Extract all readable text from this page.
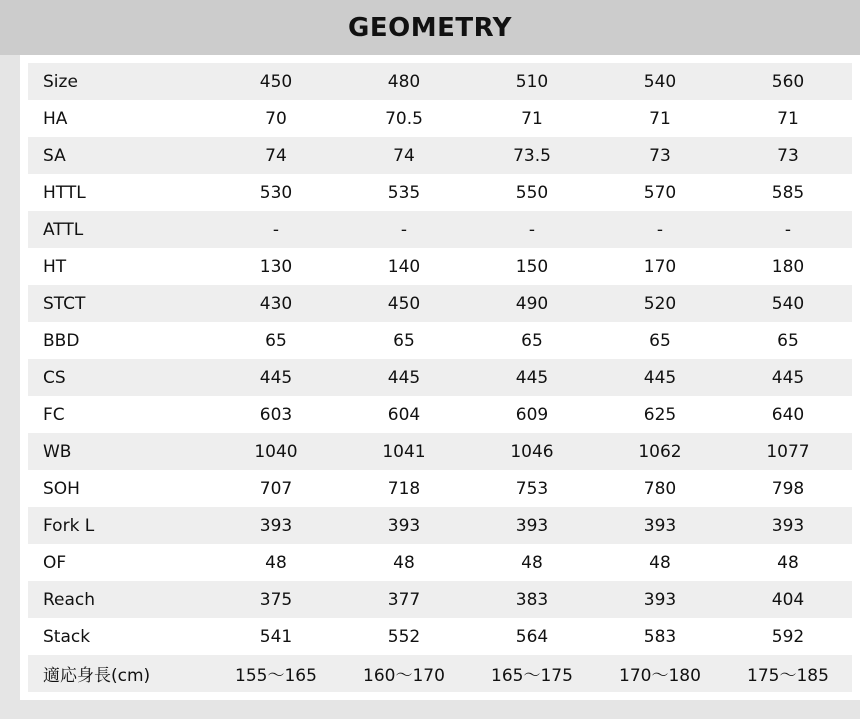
GEOMETRY
Size	450	480	510	540	560
HA	70	70.5	71	71	71
SA	74	74	73.5	73	73
HTTL	530	535	550	570	585
ATTL	-	-	-	-	-
HT	130	140	150	170	180
STCT	430	450	490	520	540
BBD	65	65	65	65	65
CS	445	445	445	445	445
FC	603	604	609	625	640
WB	1040	1041	1046	1062	1077
SOH	707	718	753	780	798
Fork L	393	393	393	393	393
OF	48	48	48	48	48
Reach	375	377	383	393	404
Stack	541	552	564	583	592
適応身長(cm)	155〜165	160〜170	165〜175	170〜180	175〜185
